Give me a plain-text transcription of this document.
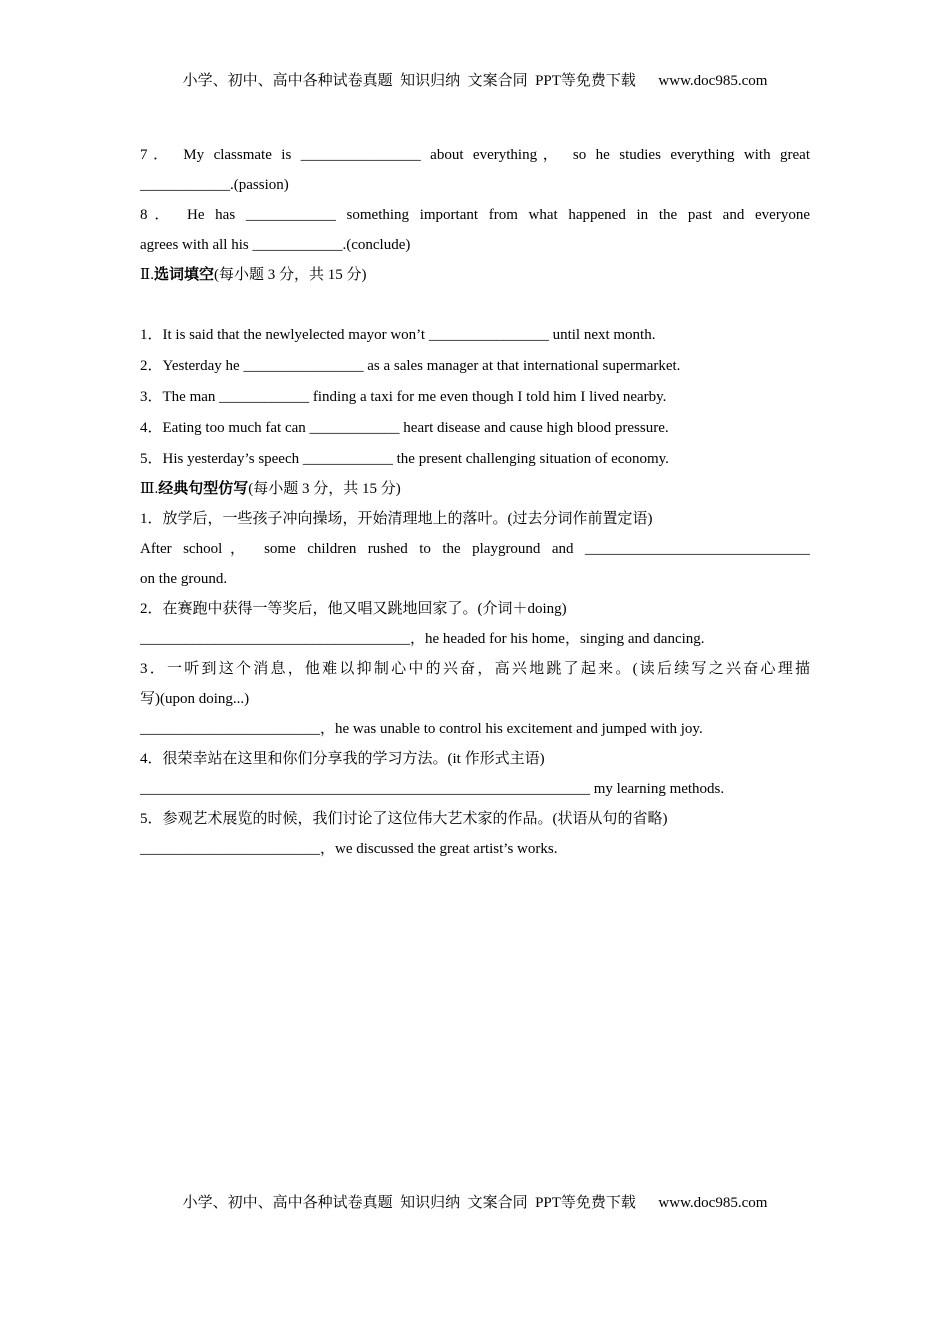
小学、初中、高中各种试卷真题  知识归纳  文案合同  PPT等免费下载      www.doc985.com
7． My classmate is ________________ about everything， so he studies everything with great
____________.(passion)
8． He has ____________ something important from what happened in the past and everyone
agrees with all his ____________.(conclude)
Ⅱ.选词填空(每小题 3 分，共 15 分)
1．It is said that the newlyelected mayor won’t ________________ until next month.
2．Yesterday he ________________ as a sales manager at that international supermarket.
3．The man ____________ finding a taxi for me even though I told him I lived nearby.
4．Eating too much fat can ____________ heart disease and cause high blood pressure.
5．His yesterday’s speech ____________ the present challenging situation of economy.
Ⅲ.经典句型仿写(每小题 3 分，共 15 分)
1．放学后，一些孩子冲向操场，开始清理地上的落叶。(过去分词作前置定语)
After school， some children rushed to the playground and ______________________________
on the ground.
2．在赛跑中获得一等奖后，他又唱又跳地回家了。(介词＋doing)
____________________________________，he headed for his home，singing and dancing.
3．一听到这个消息，他难以抑制心中的兴奋，高兴地跳了起来。(读后续写之兴奋心理描
写)(upon doing...)
________________________，he was unable to control his excitement and jumped with joy.
4．很荣幸站在这里和你们分享我的学习方法。(it 作形式主语)
____________________________________________________________ my learning methods.
5．参观艺术展览的时候，我们讨论了这位伟大艺术家的作品。(状语从句的省略)
________________________，we discussed the great artist’s works.
小学、初中、高中各种试卷真题  知识归纳  文案合同  PPT等免费下载      www.doc985.com
